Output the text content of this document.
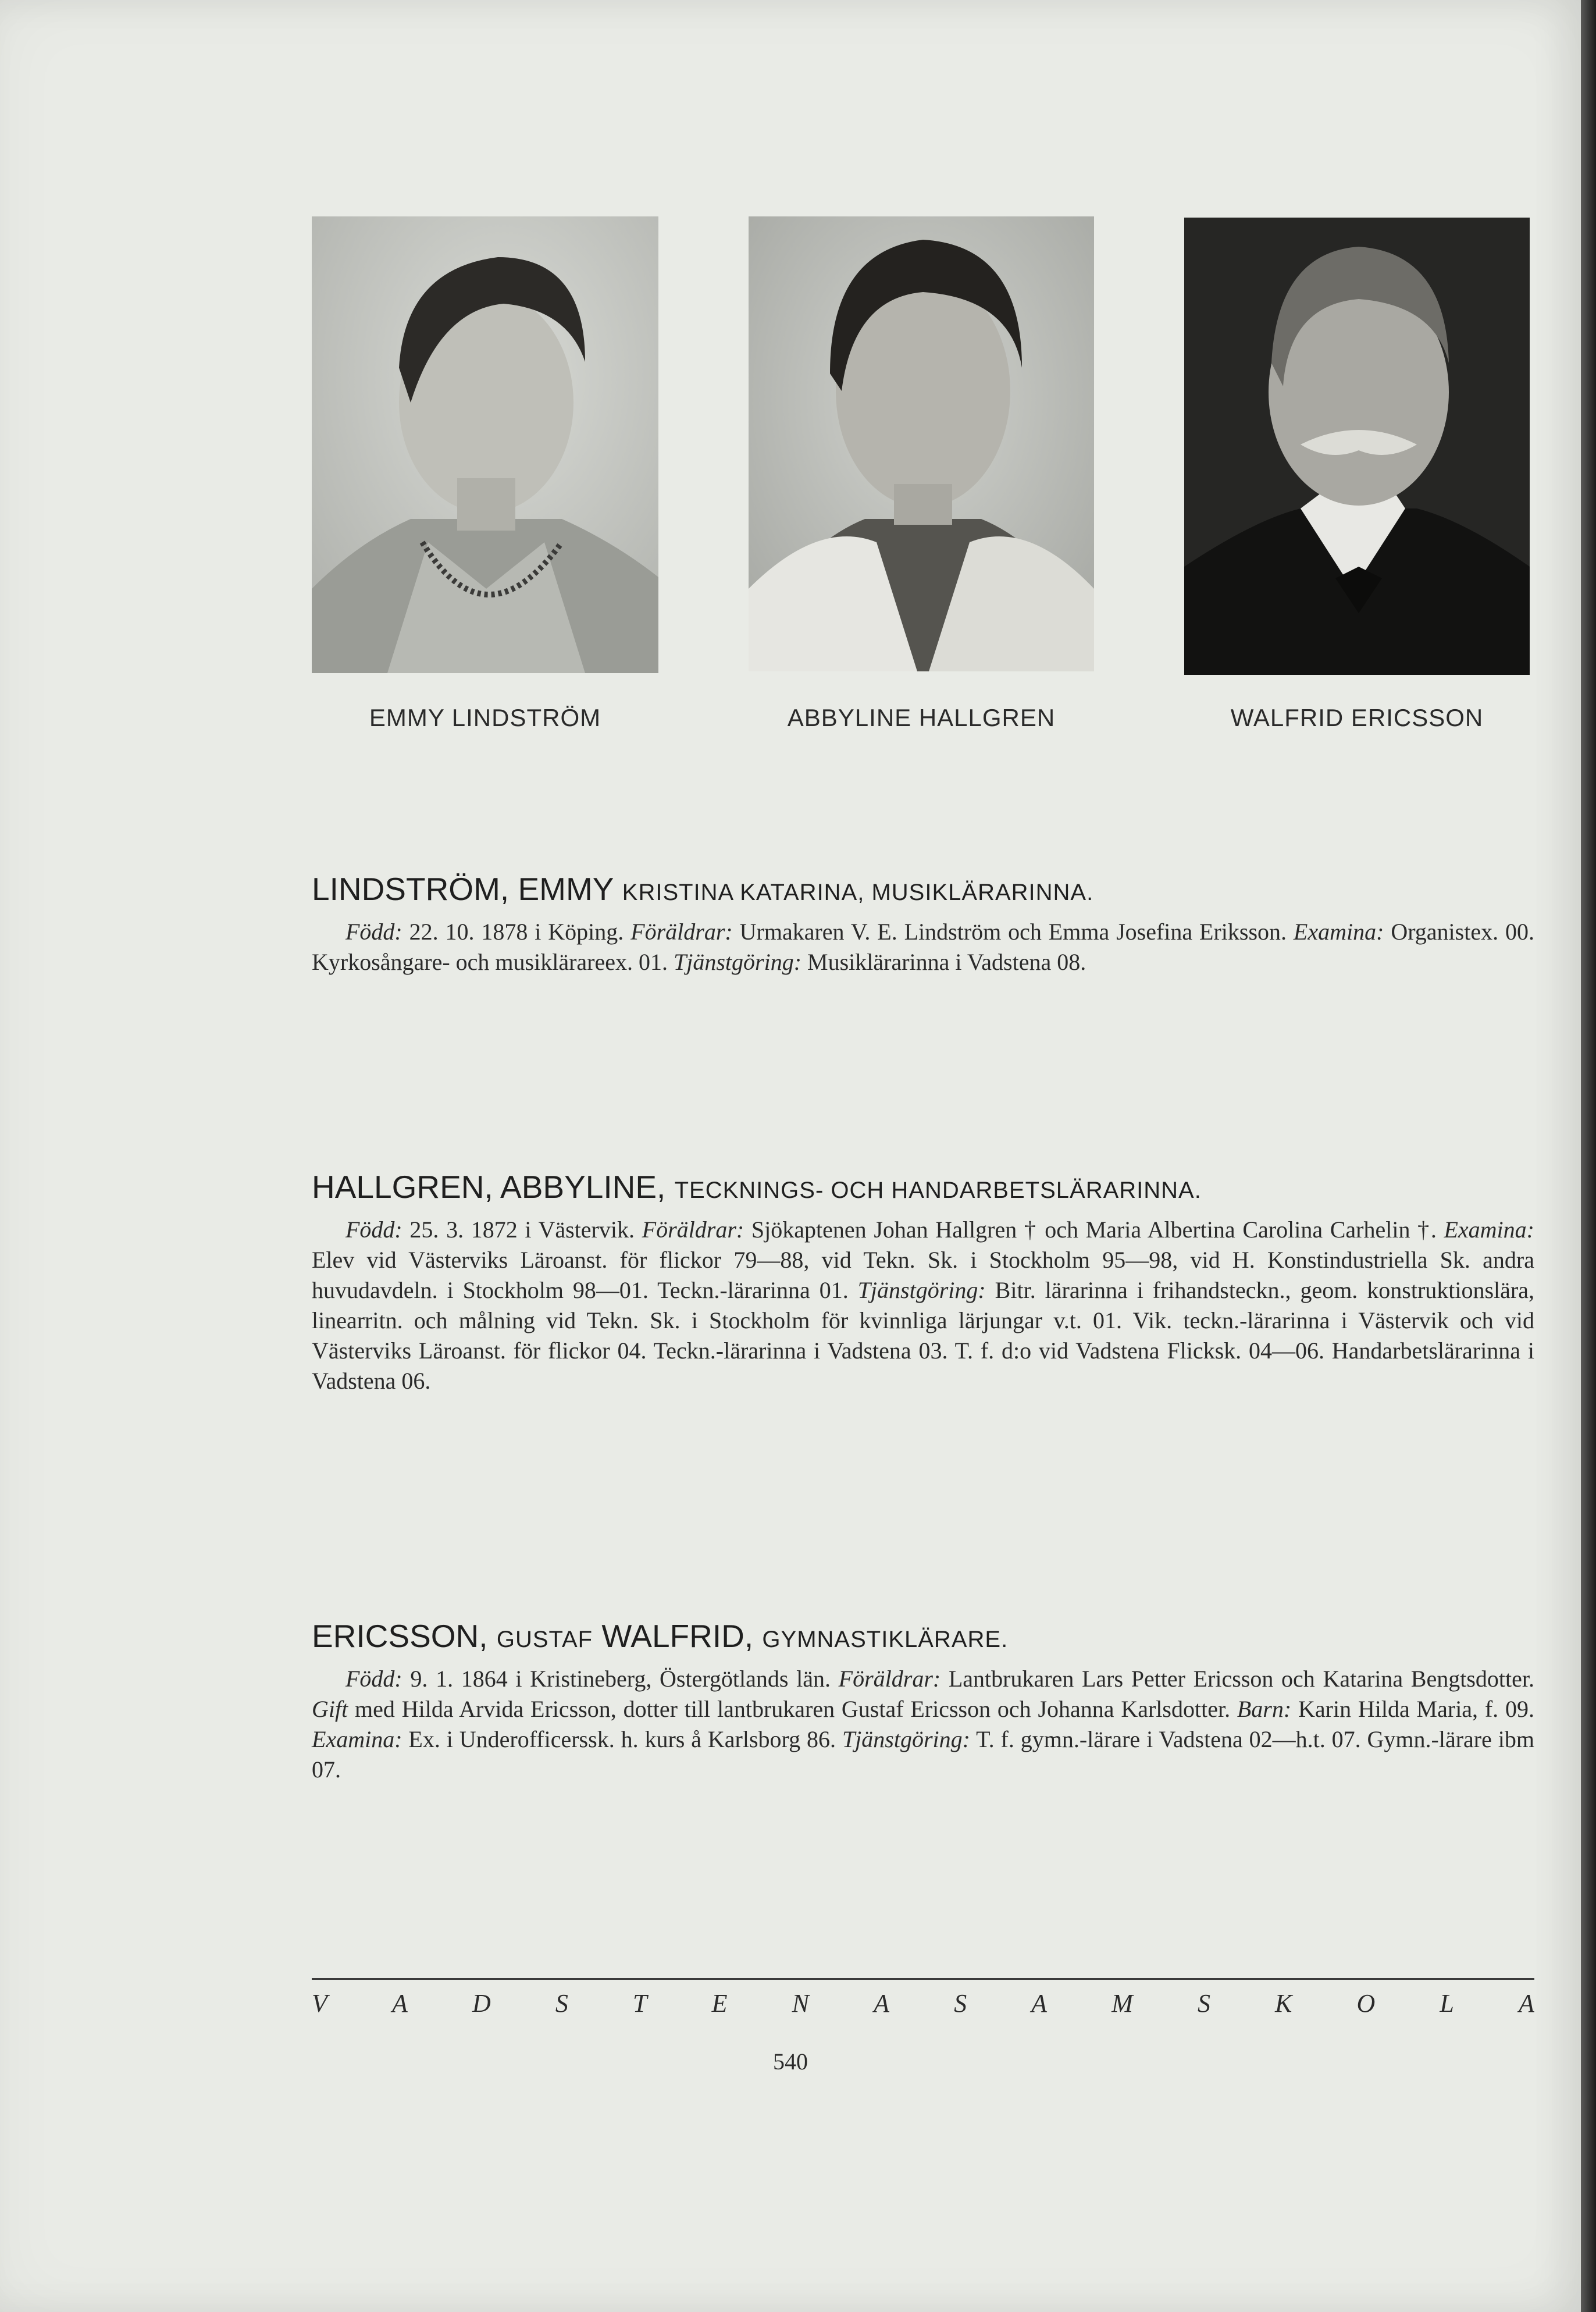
EMMY LINDSTRÖM	ABBYLINE HALLGREN	WALFRID ERICSSON
LINDSTRÖM, EMMY KRISTINA KATARINA, MUSIKLÄRARINNA.

Född: 22. 10. 1878 i Köping. Föräldrar: Urmakaren V. E. Lindström och Emma Josefina Eriksson. Examina: Organistex. 00. Kyrkosångare- och musiklärareex. 01. Tjänstgöring: Musiklärarinna i Vadstena 08.

HALLGREN, ABBYLINE, TECKNINGS- OCH HANDARBETSLÄRARINNA.

Född: 25. 3. 1872 i Västervik. Föräldrar: Sjökaptenen Johan Hallgren † och Maria Albertina Carolina Carhelin †. Examina: Elev vid Västerviks Läroanst. för flickor 79—88, vid Tekn. Sk. i Stockholm 95—98, vid H. Konstindustriella Sk. andra huvudavdeln. i Stockholm 98—01. Teckn.-lärarinna 01. Tjänstgöring: Bitr. lärarinna i frihandsteckn., geom. konstruktionslära, linearritn. och målning vid Tekn. Sk. i Stockholm för kvinnliga lärjungar v.t. 01. Vik. teckn.-lärarinna i Västervik och vid Västerviks Läroanst. för flickor 04. Teckn.-lärarinna i Vadstena 03. T. f. d:o vid Vadstena Flicksk. 04—06. Handarbetslärarinna i Vadstena 06.

ERICSSON, GUSTAF WALFRID, GYMNASTIKLÄRARE.

Född: 9. 1. 1864 i Kristineberg, Östergötlands län. Föräldrar: Lantbrukaren Lars Petter Ericsson och Katarina Bengtsdotter. Gift med Hilda Arvida Ericsson, dotter till lantbrukaren Gustaf Ericsson och Johanna Karlsdotter. Barn: Karin Hilda Maria, f. 09. Examina: Ex. i Underofficerssk. h. kurs å Karlsborg 86. Tjänstgöring: T. f. gymn.-lärare i Vadstena 02—h.t. 07. Gymn.-lärare ibm 07.

V	A	D	S	T	E	N	A	S	A	M	S	K	O	L	A
540
